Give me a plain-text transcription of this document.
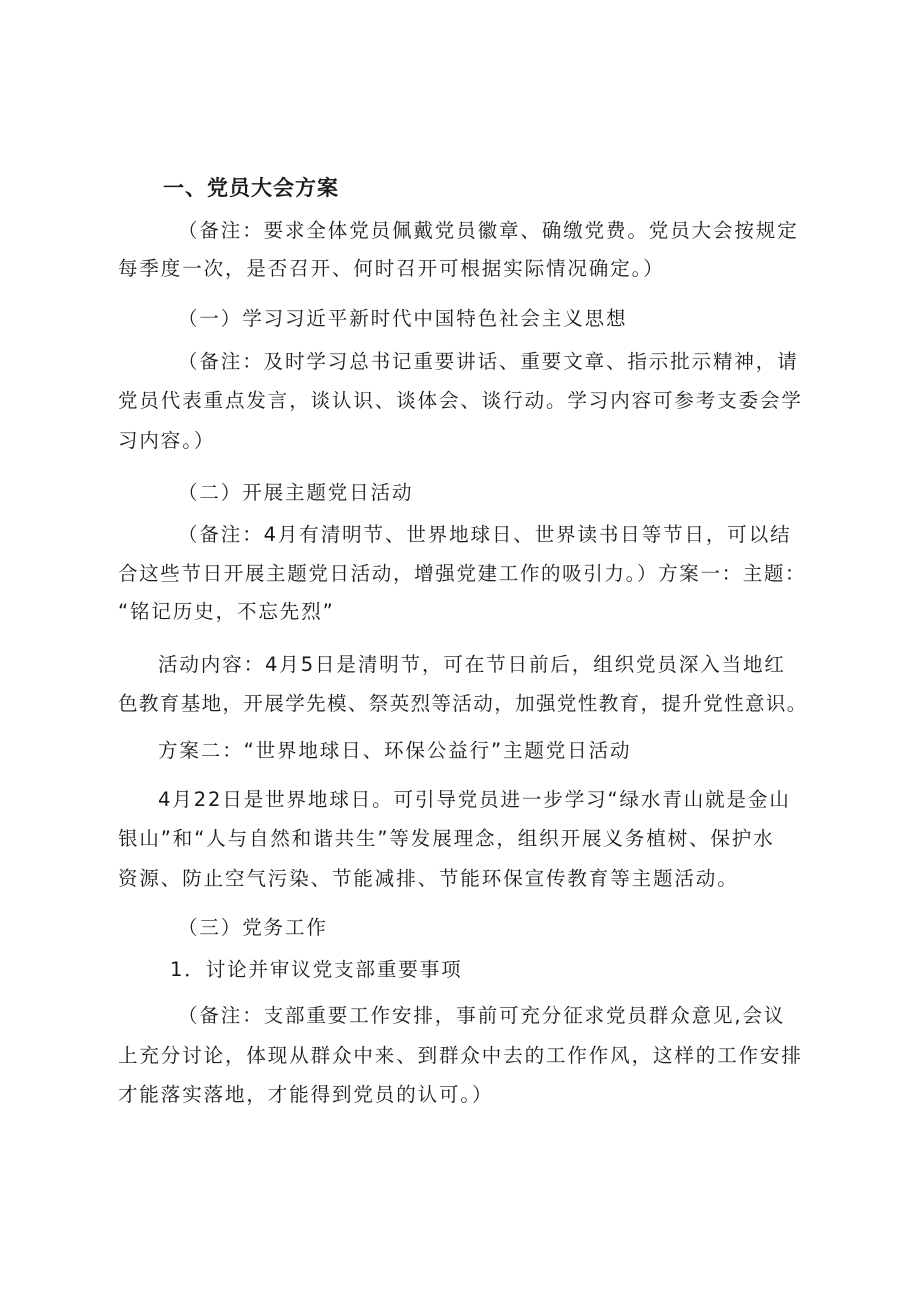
一、党员大会方案
（备注：要求全体党员佩戴党员徽章、确缴党费。党员大会按规定
每季度一次，是否召开、何时召开可根据实际情况确定。）
（一）学习习近平新时代中国特色社会主义思想
（备注：及时学习总书记重要讲话、重要文章、指示批示精神，请
党员代表重点发言，谈认识、谈体会、谈行动。学习内容可参考支委会学
习内容。）
（二）开展主题党日活动
（备注：4月有清明节、世界地球日、世界读书日等节日，可以结
合这些节日开展主题党日活动，增强党建工作的吸引力。）方案一：主题：
“铭记历史，不忘先烈”
活动内容：4月5日是清明节，可在节日前后，组织党员深入当地红
色教育基地，开展学先模、祭英烈等活动，加强党性教育，提升党性意识。
方案二：“世界地球日、环保公益行”主题党日活动
4月22日是世界地球日。可引导党员进一步学习“绿水青山就是金山
银山”和“人与自然和谐共生”等发展理念，组织开展义务植树、保护水
资源、防止空气污染、节能减排、节能环保宣传教育等主题活动。
（三）党务工作
1．讨论并审议党支部重要事项
（备注：支部重要工作安排，事前可充分征求党员群众意见,会议
上充分讨论，体现从群众中来、到群众中去的工作作风，这样的工作安排
才能落实落地，才能得到党员的认可。）
